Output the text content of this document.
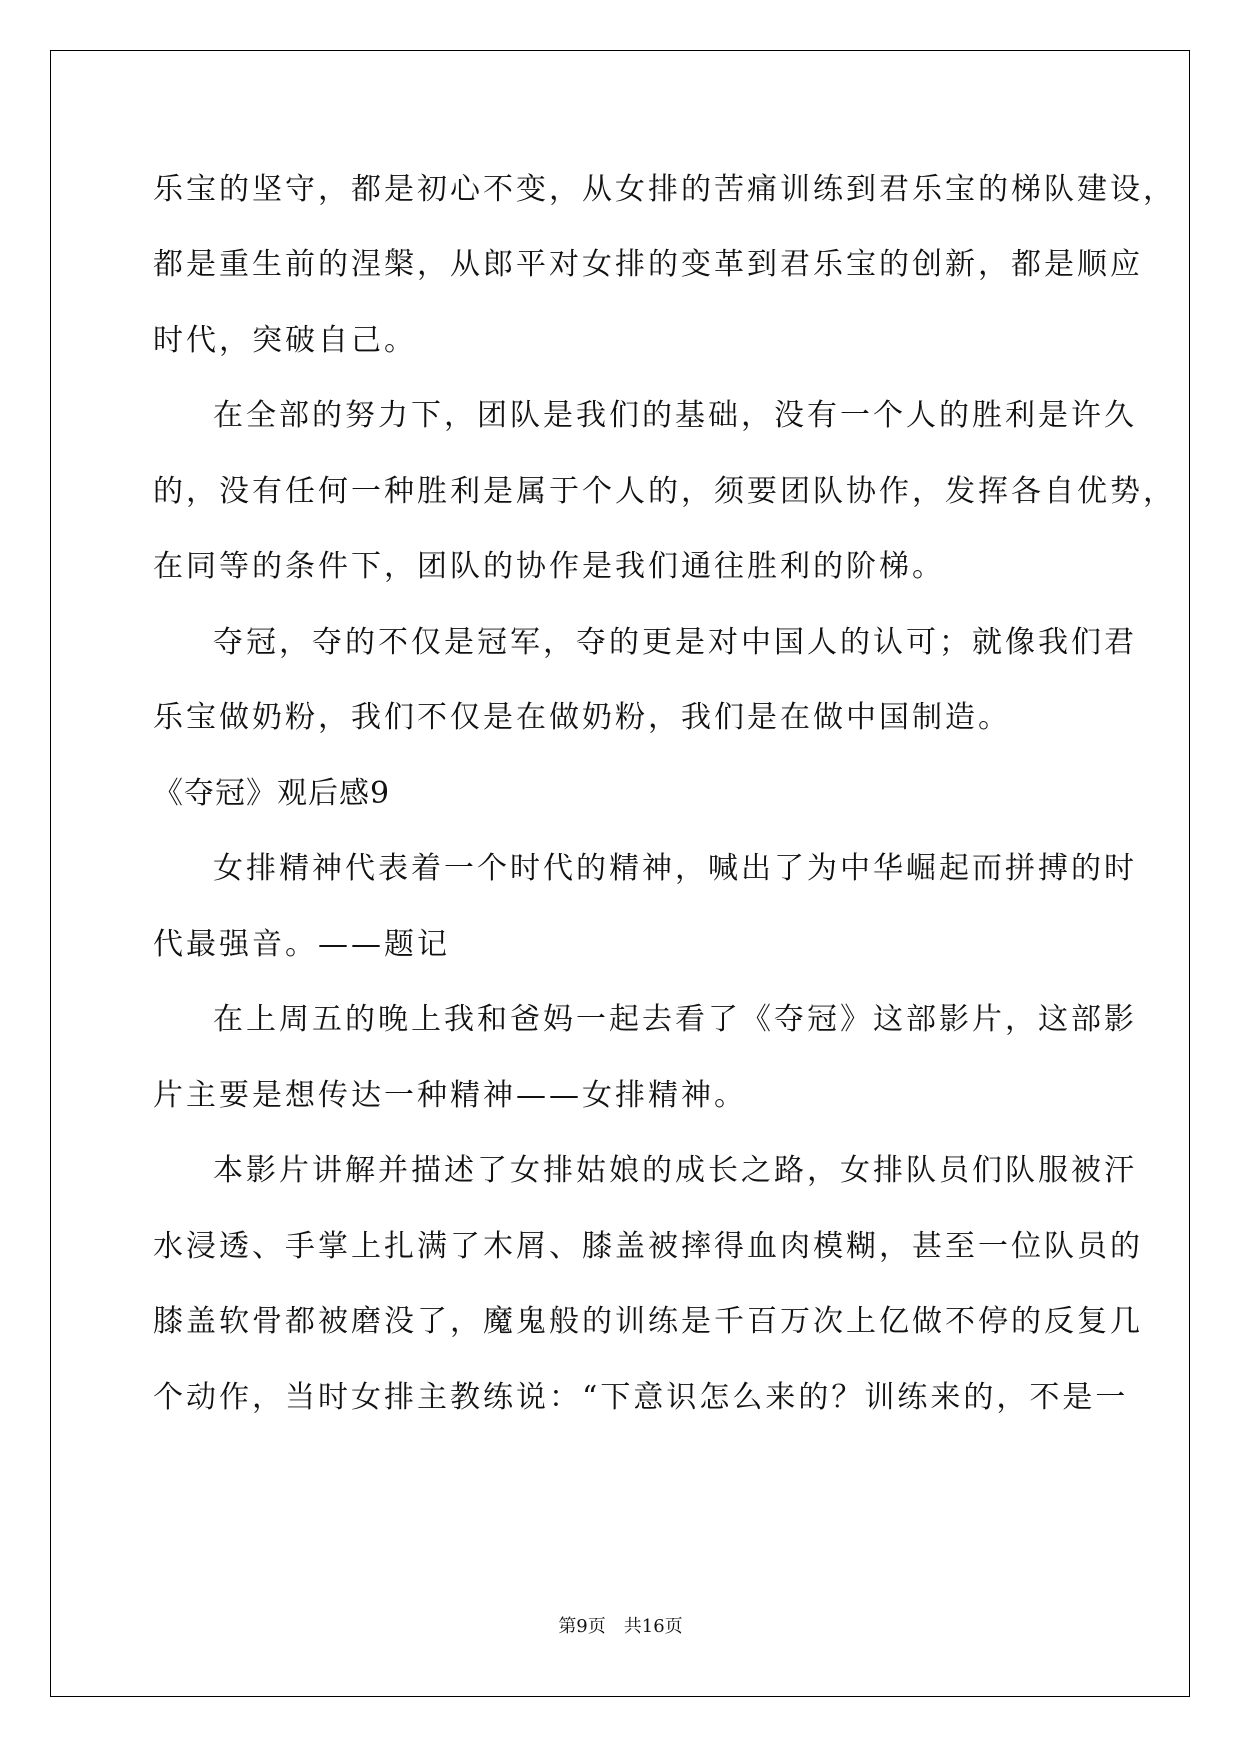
乐宝的坚守，都是初心不变，从女排的苦痛训练到君乐宝的梯队建设，
都是重生前的涅槃，从郎平对女排的变革到君乐宝的创新，都是顺应
时代，突破自己。
在全部的努力下，团队是我们的基础，没有一个人的胜利是许久
的，没有任何一种胜利是属于个人的，须要团队协作，发挥各自优势，
在同等的条件下，团队的协作是我们通往胜利的阶梯。
夺冠，夺的不仅是冠军，夺的更是对中国人的认可；就像我们君
乐宝做奶粉，我们不仅是在做奶粉，我们是在做中国制造。
《夺冠》观后感9
女排精神代表着一个时代的精神，喊出了为中华崛起而拼搏的时
代最强音。——题记
在上周五的晚上我和爸妈一起去看了《夺冠》这部影片，这部影
片主要是想传达一种精神——女排精神。
本影片讲解并描述了女排姑娘的成长之路，女排队员们队服被汗
水浸透、手掌上扎满了木屑、膝盖被摔得血肉模糊，甚至一位队员的
膝盖软骨都被磨没了，魔鬼般的训练是千百万次上亿做不停的反复几
个动作，当时女排主教练说：“下意识怎么来的？训练来的，不是一
第9页　共16页
